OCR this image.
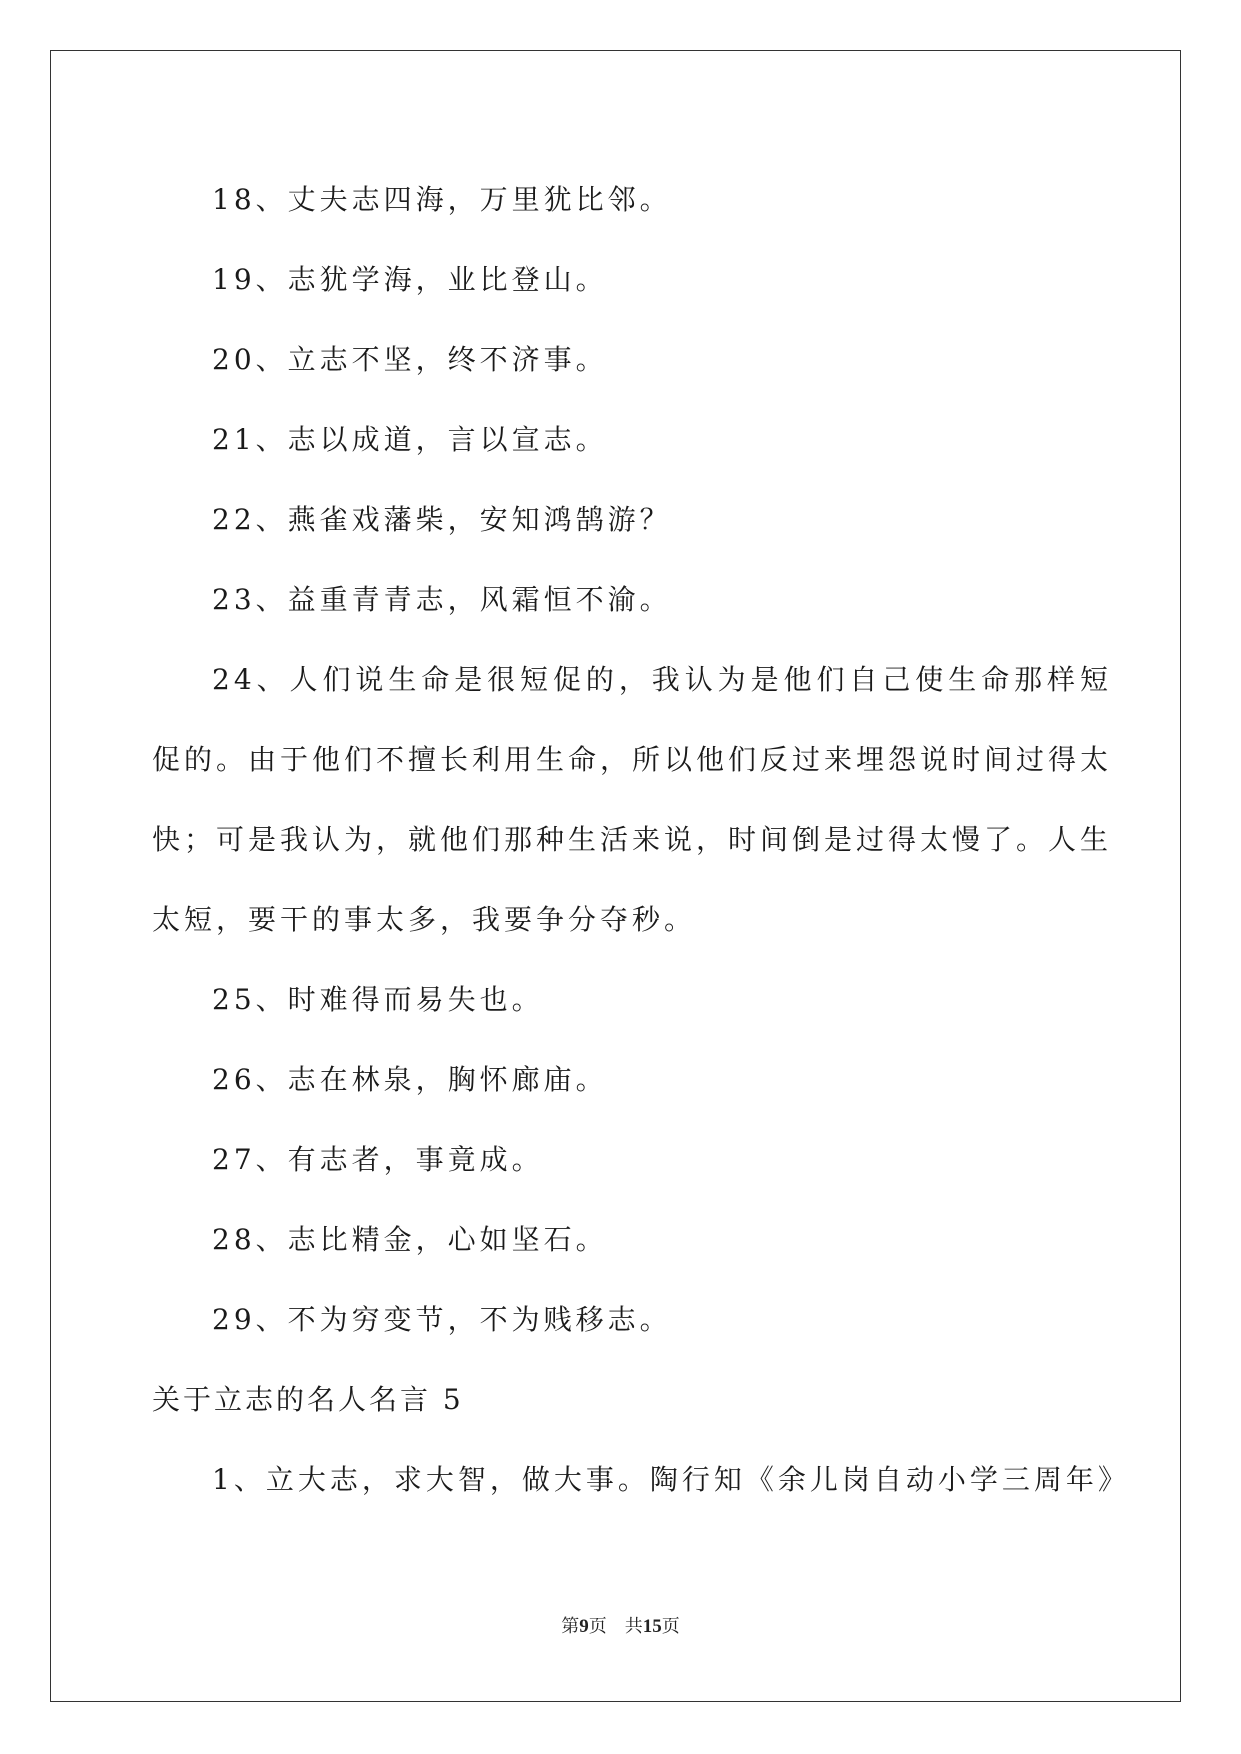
18、丈夫志四海，万里犹比邻。

19、志犹学海，业比登山。

20、立志不坚，终不济事。

21、志以成道，言以宣志。

22、燕雀戏藩柴，安知鸿鹄游？

23、益重青青志，风霜恒不渝。

24、人们说生命是很短促的，我认为是他们自己使生命那样短促的。由于他们不擅长利用生命，所以他们反过来埋怨说时间过得太快；可是我认为，就他们那种生活来说，时间倒是过得太慢了。人生太短，要干的事太多，我要争分夺秒。

25、时难得而易失也。

26、志在林泉，胸怀廊庙。

27、有志者，事竟成。

28、志比精金，心如坚石。

29、不为穷变节，不为贱移志。

关于立志的名人名言 5

1、立大志，求大智，做大事。陶行知《余儿岗自动小学三周年》

第9页　共15页
